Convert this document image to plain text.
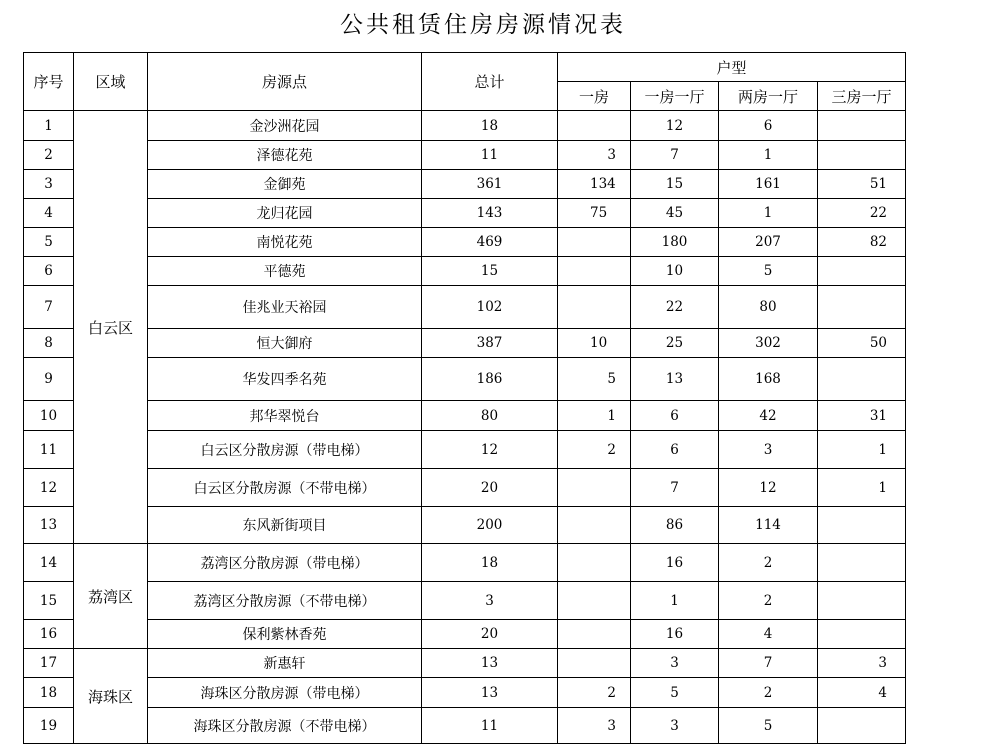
公共租赁住房房源情况表
序号	区域	房源点	总计	户型			
				一房	一房一厅	两房一厅	三房一厅
1	白云区	金沙洲花园	18		12	6	
2		泽德花苑	11	3	7	1	
3		金御苑	361	134	15	161	51
4		龙归花园	143	75	45	1	22
5		南悦花苑	469		180	207	82
6		平德苑	15		10	5	
7		佳兆业天裕园	102		22	80	
8		恒大御府	387	10	25	302	50
9		华发四季名苑	186	5	13	168	
10		邦华翠悦台	80	1	6	42	31
11		白云区分散房源（带电梯）	12	2	6	3	1
12		白云区分散房源（不带电梯）	20		7	12	1
13		东风新街项目	200		86	114	
14	荔湾区	荔湾区分散房源（带电梯）	18		16	2	
15		荔湾区分散房源（不带电梯）	3		1	2	
16		保利紫林香苑	20		16	4	
17	海珠区	新惠轩	13		3	7	3
18		海珠区分散房源（带电梯）	13	2	5	2	4
19		海珠区分散房源（不带电梯）	11	3	3	5	
